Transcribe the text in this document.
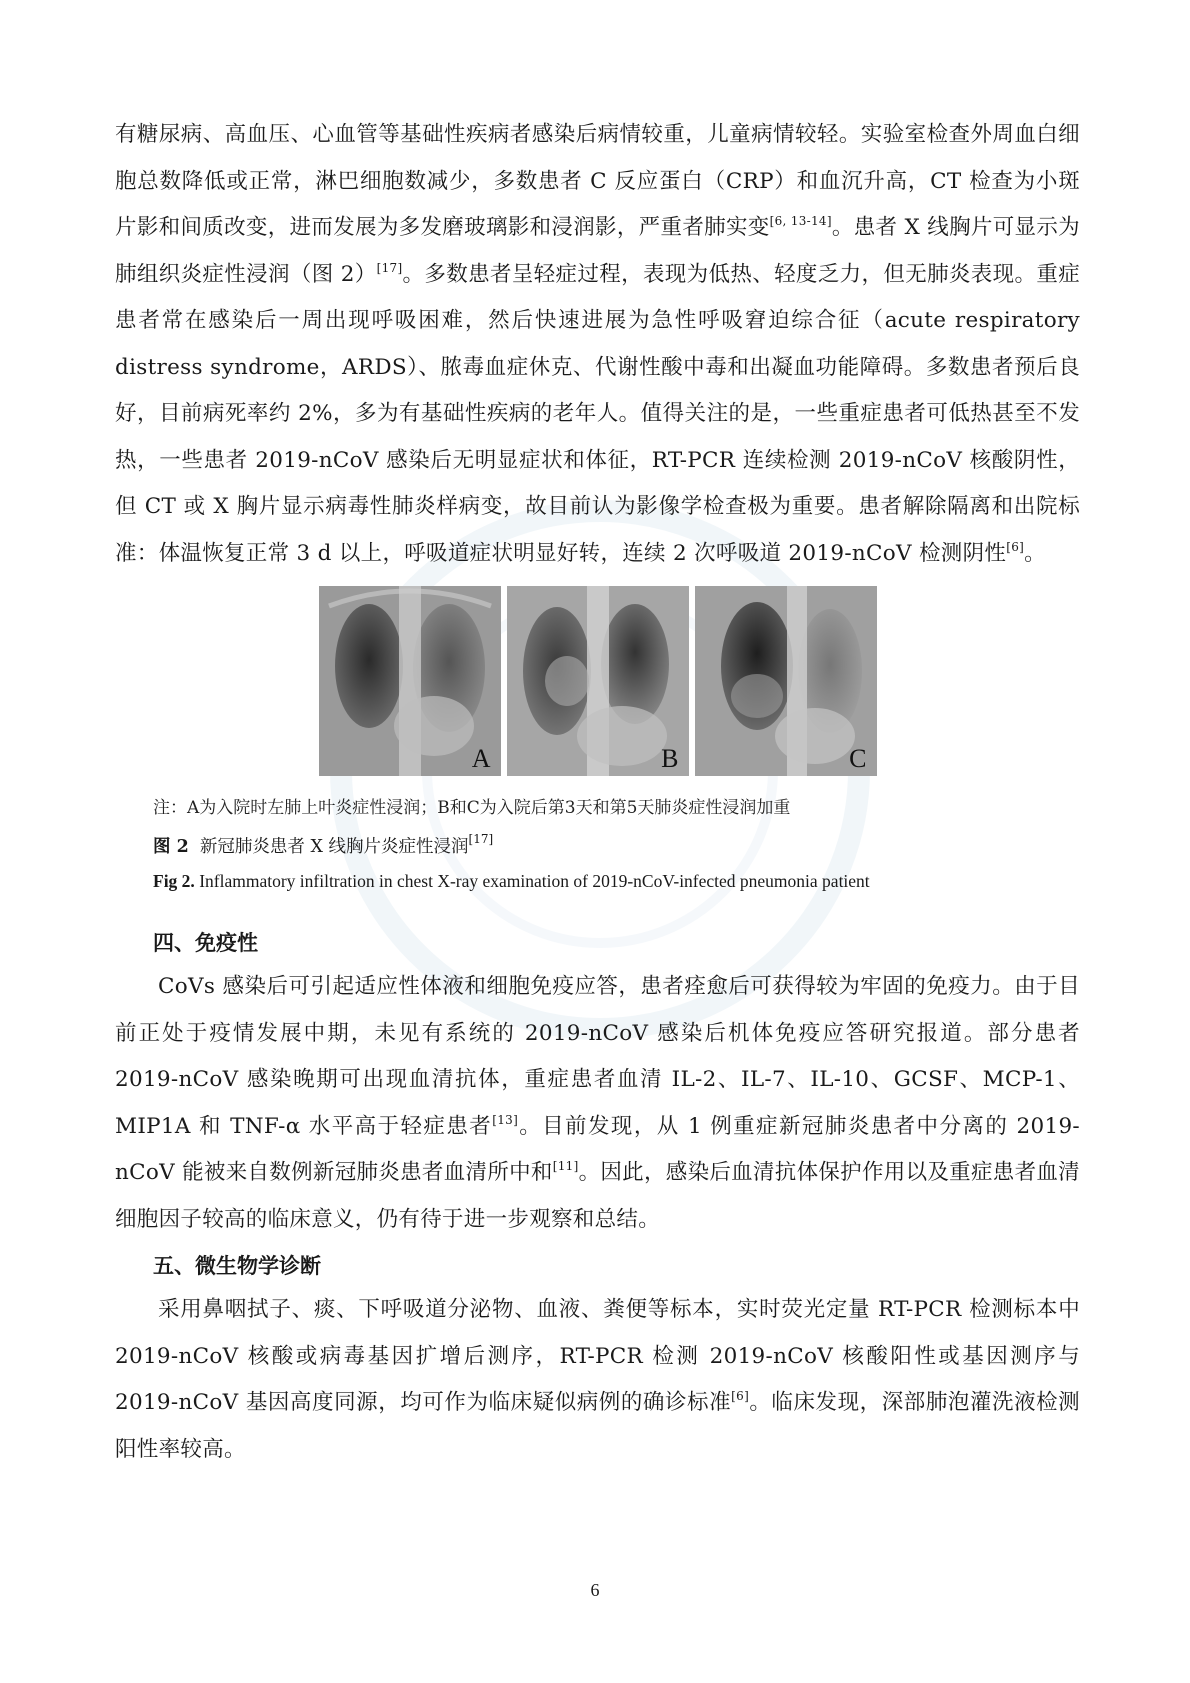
有糖尿病、高血压、心血管等基础性疾病者感染后病情较重，儿童病情较轻。实验室检查外周血白细胞总数降低或正常，淋巴细胞数减少，多数患者 C 反应蛋白（CRP）和血沉升高，CT 检查为小斑片影和间质改变，进而发展为多发磨玻璃影和浸润影，严重者肺实变[6, 13-14]。患者 X 线胸片可显示为肺组织炎症性浸润（图 2）[17]。多数患者呈轻症过程，表现为低热、轻度乏力，但无肺炎表现。重症患者常在感染后一周出现呼吸困难，然后快速进展为急性呼吸窘迫综合征（acute respiratory distress syndrome，ARDS）、脓毒血症休克、代谢性酸中毒和出凝血功能障碍。多数患者预后良好，目前病死率约 2%，多为有基础性疾病的老年人。值得关注的是，一些重症患者可低热甚至不发热，一些患者 2019-nCoV 感染后无明显症状和体征，RT-PCR 连续检测 2019-nCoV 核酸阴性，但 CT 或 X 胸片显示病毒性肺炎样病变，故目前认为影像学检查极为重要。患者解除隔离和出院标准：体温恢复正常 3 d 以上，呼吸道症状明显好转，连续 2 次呼吸道 2019-nCoV 检测阴性[6]。

A	B	C
注：A为入院时左肺上叶炎症性浸润；B和C为入院后第3天和第5天肺炎症性浸润加重
图 2 新冠肺炎患者 X 线胸片炎症性浸润[17]
Fig 2. Inflammatory infiltration in chest X-ray examination of 2019-nCoV-infected pneumonia patient
四、免疫性

CoVs 感染后可引起适应性体液和细胞免疫应答，患者痊愈后可获得较为牢固的免疫力。由于目前正处于疫情发展中期，未见有系统的 2019-nCoV 感染后机体免疫应答研究报道。部分患者 2019-nCoV 感染晚期可出现血清抗体，重症患者血清 IL-2、IL-7、IL-10、GCSF、MCP-1、MIP1A 和 TNF-α 水平高于轻症患者[13]。目前发现，从 1 例重症新冠肺炎患者中分离的 2019-nCoV 能被来自数例新冠肺炎患者血清所中和[11]。因此，感染后血清抗体保护作用以及重症患者血清细胞因子较高的临床意义，仍有待于进一步观察和总结。

五、微生物学诊断

采用鼻咽拭子、痰、下呼吸道分泌物、血液、粪便等标本，实时荧光定量 RT-PCR 检测标本中 2019-nCoV 核酸或病毒基因扩增后测序，RT-PCR 检测 2019-nCoV 核酸阳性或基因测序与 2019-nCoV 基因高度同源，均可作为临床疑似病例的确诊标准[6]。临床发现，深部肺泡灌洗液检测阳性率较高。

6
